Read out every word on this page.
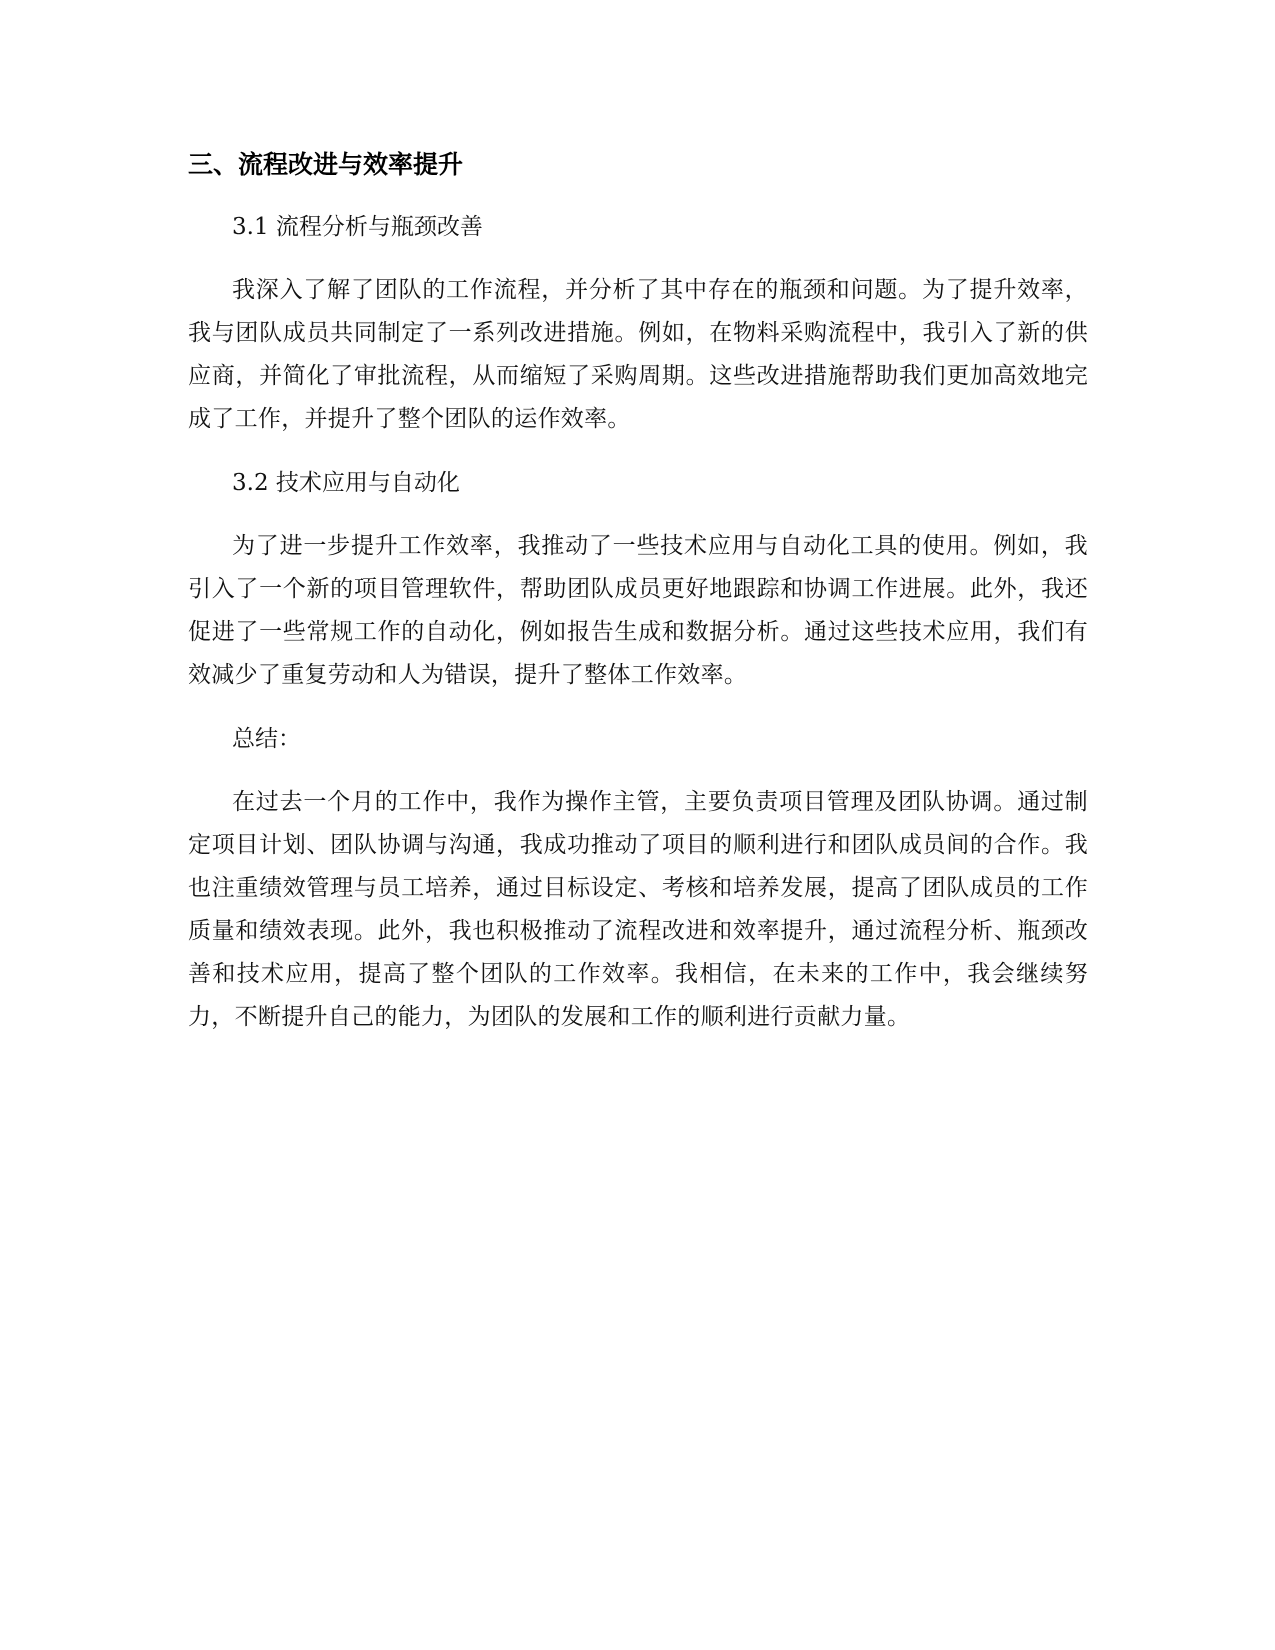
三、流程改进与效率提升

3.1 流程分析与瓶颈改善

我深入了解了团队的工作流程，并分析了其中存在的瓶颈和问题。为了提升效率，我与团队成员共同制定了一系列改进措施。例如，在物料采购流程中，我引入了新的供应商，并简化了审批流程，从而缩短了采购周期。这些改进措施帮助我们更加高效地完成了工作，并提升了整个团队的运作效率。

3.2 技术应用与自动化

为了进一步提升工作效率，我推动了一些技术应用与自动化工具的使用。例如，我引入了一个新的项目管理软件，帮助团队成员更好地跟踪和协调工作进展。此外，我还促进了一些常规工作的自动化，例如报告生成和数据分析。通过这些技术应用，我们有效减少了重复劳动和人为错误，提升了整体工作效率。

总结：

在过去一个月的工作中，我作为操作主管，主要负责项目管理及团队协调。通过制定项目计划、团队协调与沟通，我成功推动了项目的顺利进行和团队成员间的合作。我也注重绩效管理与员工培养，通过目标设定、考核和培养发展，提高了团队成员的工作质量和绩效表现。此外，我也积极推动了流程改进和效率提升，通过流程分析、瓶颈改善和技术应用，提高了整个团队的工作效率。我相信，在未来的工作中，我会继续努力，不断提升自己的能力，为团队的发展和工作的顺利进行贡献力量。
